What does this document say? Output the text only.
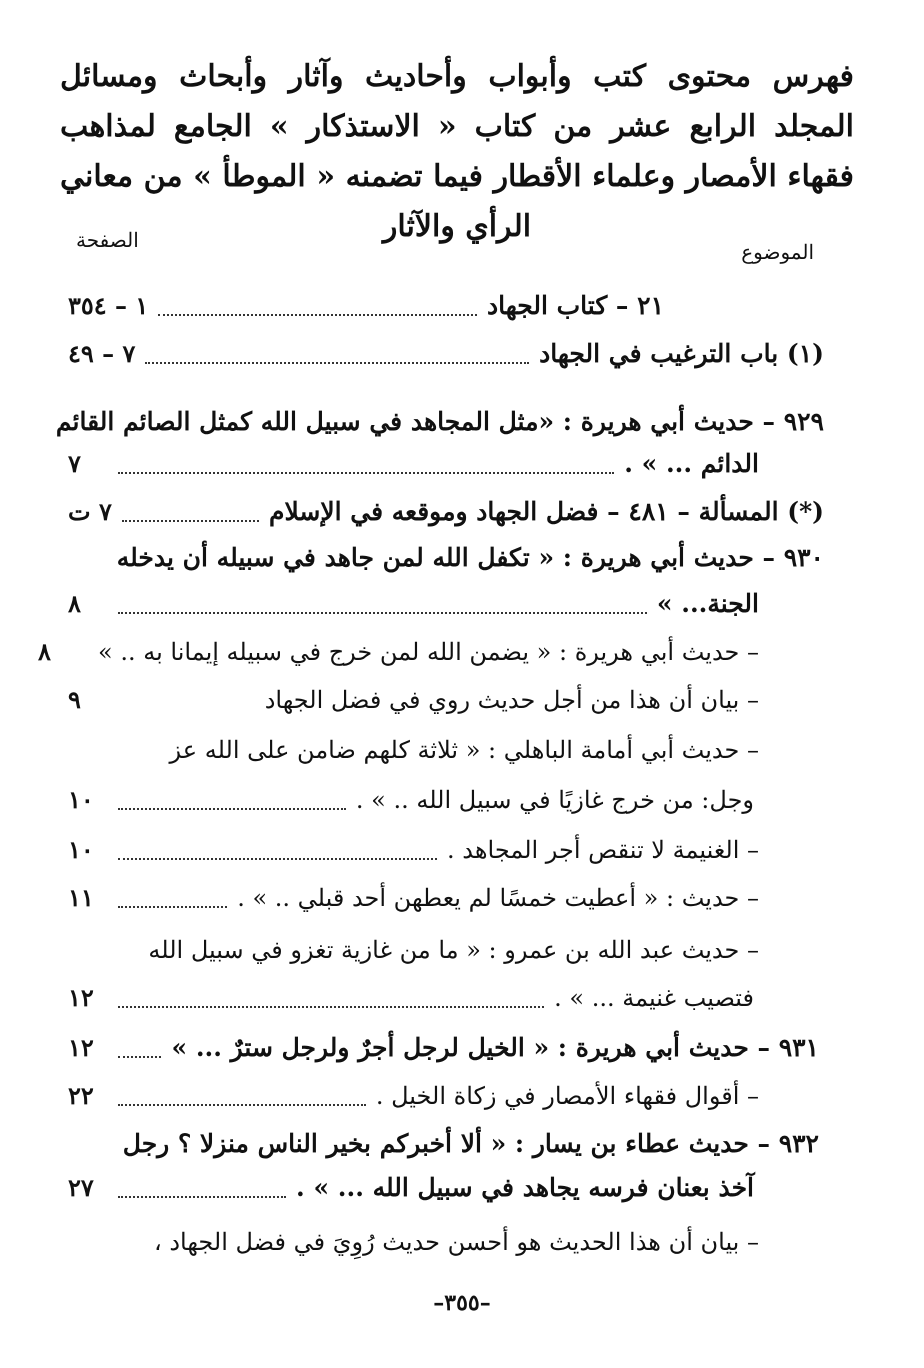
فهرس محتوى كتب وأبواب وأحاديث وآثار وأبحاث ومسائل المجلد الرابع عشر من كتاب « الاستذكار » الجامع لمذاهب فقهاء الأمصار وعلماء الأقطار فيما تضمنه « الموطأ » من معاني الرأي والآثار
الموضوع
الصفحة
٢١ – كتاب الجهاد
١ – ٣٥٤
(١) باب الترغيب في الجهاد
٧ – ٤٩
٩٢٩ – حديث أبي هريرة : «مثل المجاهد في سبيل الله كمثل الصائم القائم
الدائم ... » .
٧
(*) المسألة – ٤٨١ – فضل الجهاد وموقعه في الإسلام
٧ ت
٩٣٠ – حديث أبي هريرة : « تكفل الله لمن جاهد في سبيله أن يدخله
الجنة... »
٨
– حديث أبي هريرة : « يضمن الله لمن خرج في سبيله إيمانا به .. »
٨
– بيان أن هذا من أجل حديث روي في فضل الجهاد
٩
– حديث أبي أمامة الباهلي : « ثلاثة كلهم ضامن على الله عز
وجل: من خرج غازيًا في سبيل الله .. » .
١٠
– الغنيمة لا تنقص أجر المجاهد .
١٠
– حديث : « أعطيت خمسًا لم يعطهن أحد قبلي .. » .
١١
– حديث عبد الله بن عمرو : « ما من غازية تغزو في سبيل الله
فتصيب غنيمة ... » .
١٢
٩٣١ – حديث أبي هريرة : « الخيل لرجل أجرٌ ولرجل سترٌ ... »
١٢
– أقوال فقهاء الأمصار في زكاة الخيل .
٢٢
٩٣٢ – حديث عطاء بن يسار : « ألا أخبركم بخير الناس منزلا ؟ رجل
آخذ بعنان فرسه يجاهد في سبيل الله ... » .
٢٧
– بيان أن هذا الحديث هو أحسن حديث رُوِيَ في فضل الجهاد ،
–٣٥٥–
